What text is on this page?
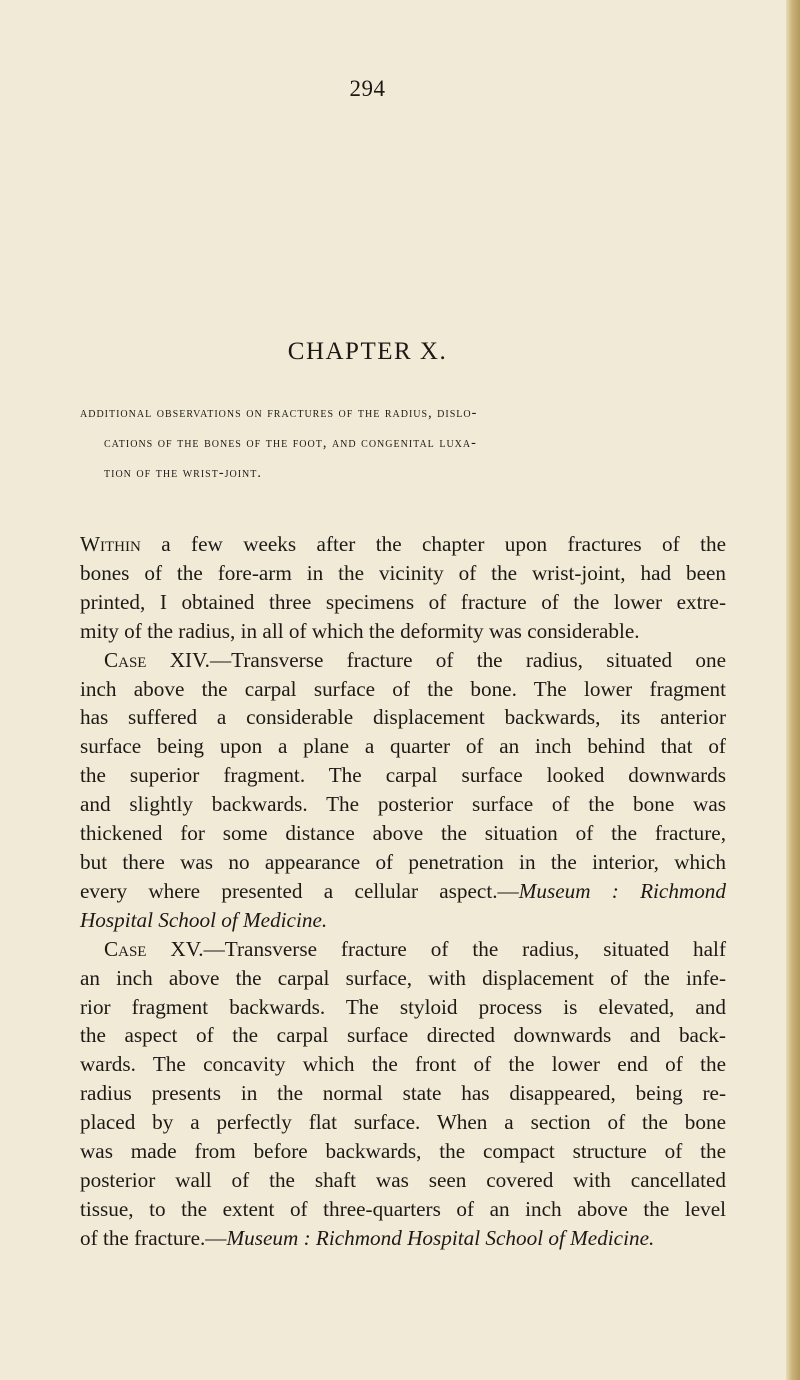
294
CHAPTER X.
additional observations on fractures of the radius, dislo-
cations of the bones of the foot, and congenital luxa-
tion of the wrist-joint.
Within a few weeks after the chapter upon fractures of the
bones of the fore-arm in the vicinity of the wrist-joint, had been
printed, I obtained three specimens of fracture of the lower extre-
mity of the radius, in all of which the deformity was considerable.
Case XIV.—Transverse fracture of the radius, situated one
inch above the carpal surface of the bone. The lower fragment
has suffered a considerable displacement backwards, its anterior
surface being upon a plane a quarter of an inch behind that of
the superior fragment. The carpal surface looked downwards
and slightly backwards. The posterior surface of the bone was
thickened for some distance above the situation of the fracture,
but there was no appearance of penetration in the interior, which
every where presented a cellular aspect.—Museum : Richmond
Hospital School of Medicine.
Case XV.—Transverse fracture of the radius, situated half
an inch above the carpal surface, with displacement of the infe-
rior fragment backwards. The styloid process is elevated, and
the aspect of the carpal surface directed downwards and back-
wards. The concavity which the front of the lower end of the
radius presents in the normal state has disappeared, being re-
placed by a perfectly flat surface. When a section of the bone
was made from before backwards, the compact structure of the
posterior wall of the shaft was seen covered with cancellated
tissue, to the extent of three-quarters of an inch above the level
of the fracture.—Museum : Richmond Hospital School of Medicine.
